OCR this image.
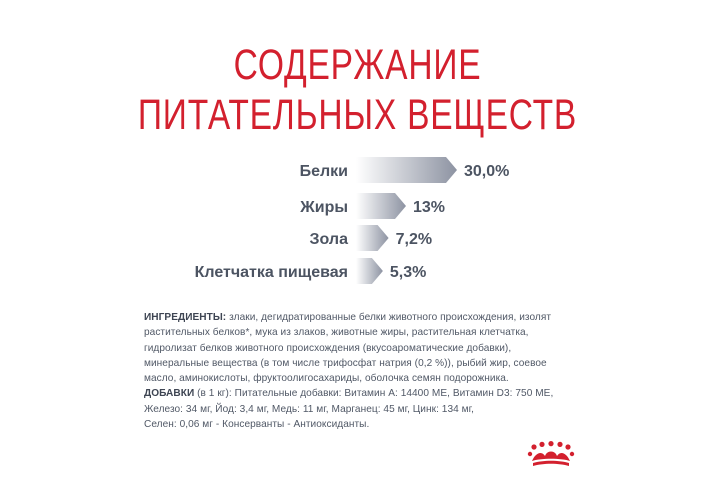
СОДЕРЖАНИЕ
ПИТАТЕЛЬНЫХ ВЕЩЕСТВ
Белки	30,0%
Жиры	13%
Зола	7,2%
Клетчатка пищевая	5,3%
ИНГРЕДИЕНТЫ: злаки, дегидратированные белки животного происхождения, изолят
растительных белков*, мука из злаков, животные жиры, растительная клетчатка,
гидролизат белков животного происхождения (вкусоароматические добавки),
минеральные вещества (в том числе трифосфат натрия (0,2 %)), рыбий жир, соевое
масло, аминокислоты, фруктоолигосахариды, оболочка семян подорожника.
ДОБАВКИ (в 1 кг): Питательные добавки: Витамин A: 14400 МЕ, Витамин D3: 750 МЕ,
Железо: 34 мг, Йод: 3,4 мг, Медь: 11 мг, Марганец: 45 мг, Цинк: 134 мг,
Селен: 0,06 мг - Консерванты - Антиоксиданты.
